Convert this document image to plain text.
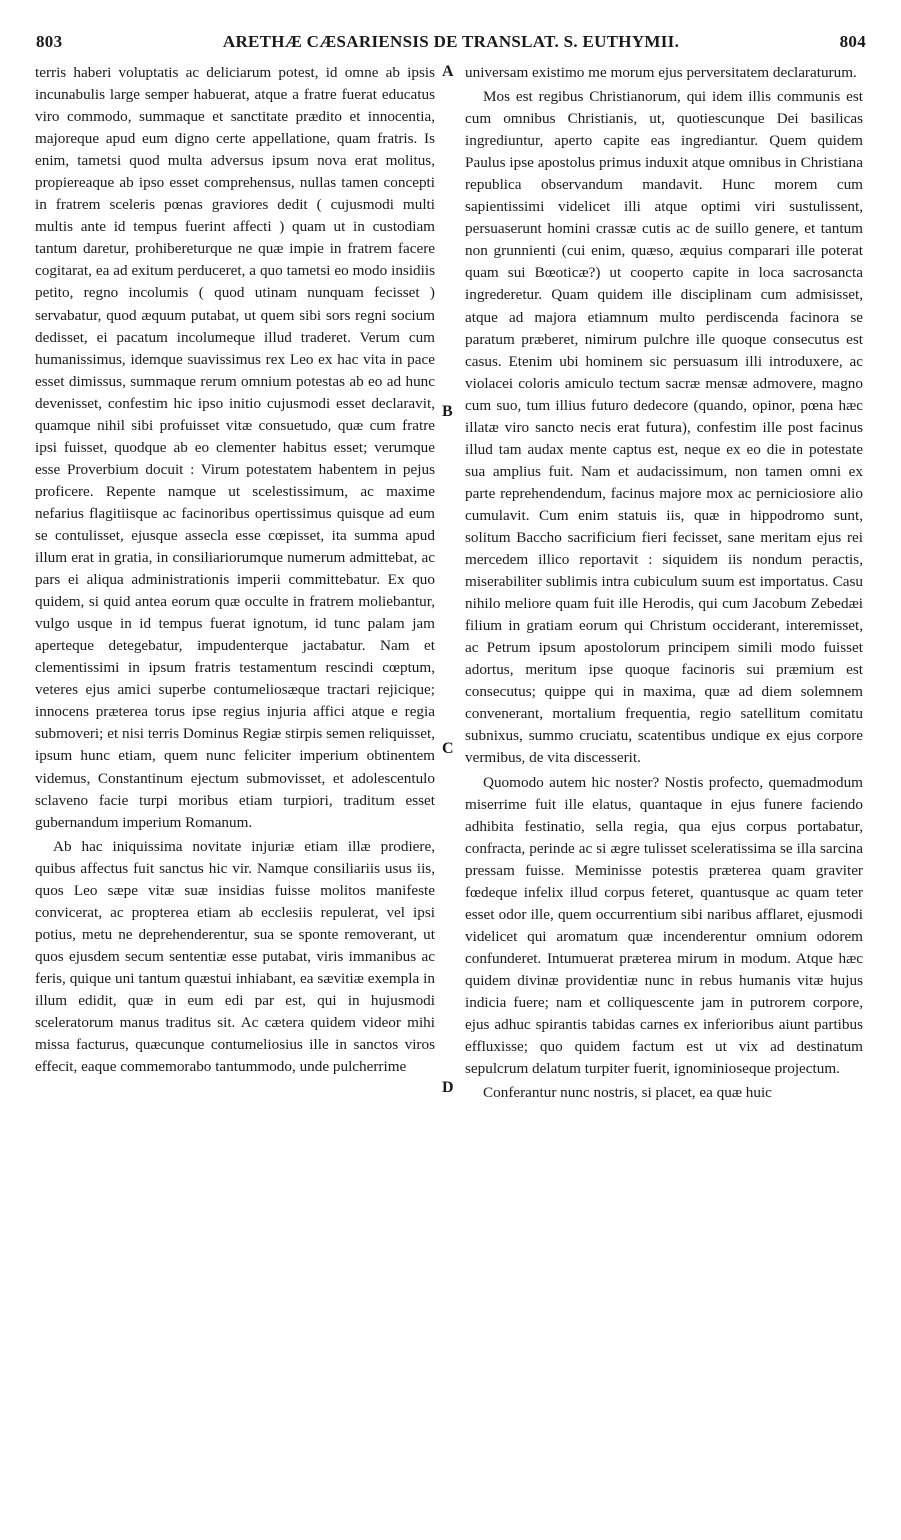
803	ARETHÆ CÆSARIENSIS DE TRANSLAT. S. EUTHYMII.	804

terris haberi voluptatis ac deliciarum potest, id omne ab ipsis incunabulis large semper habuerat, atque a fratre fuerat educatus viro commodo, summaque et sanctitate prædito et innocentia, majoreque apud eum digno certe appellatione, quam fratris. Is enim, tametsi quod multa adversus ipsum nova erat molitus, propiereaque ab ipso esset comprehensus, nullas tamen concepti in fratrem sceleris pœnas graviores dedit ( cujusmodi multi multis ante id tempus fuerint affecti ) quam ut in custodiam tantum daretur, prohibereturque ne quæ impie in fratrem facere cogitarat, ea ad exitum perduceret, a quo tametsi eo modo insidiis petito, regno incolumis ( quod utinam nunquam fecisset ) servabatur, quod æquum putabat, ut quem sibi sors regni socium dedisset, ei pacatum incolumeque illud traderet. Verum cum humanissimus, idemque suavissimus rex Leo ex hac vita in pace esset dimissus, summaque rerum omnium potestas ab eo ad hunc devenisset, confestim hic ipso initio cujusmodi esset declaravit, quamque nihil sibi profuisset vitæ consuetudo, quæ cum fratre ipsi fuisset, quodque ab eo clementer habitus esset; verumque esse Proverbium docuit : Virum potestatem habentem in pejus proficere. Repente namque ut scelestissimum, ac maxime nefarius flagitiisque ac facinoribus opertissimus quisque ad eum se contulisset, ejusque assecla esse cœpisset, ita summa apud illum erat in gratia, in consiliariorumque numerum admittebat, ac pars ei aliqua administrationis imperii committebatur. Ex quo quidem, si quid antea eorum quæ occulte in fratrem moliebantur, vulgo usque in id tempus fuerat ignotum, id tunc palam jam aperteque detegebatur, impudenterque jactabatur. Nam et clementissimi in ipsum fratris testamentum rescindi cœptum, veteres ejus amici superbe contumeliosæque tractari rejicique; innocens præterea torus ipse regius injuria affici atque e regia submoveri; et nisi terris Dominus Regiæ stirpis semen reliquisset, ipsum hunc etiam, quem nunc feliciter imperium obtinentem videmus, Constantinum ejectum submovisset, et adolescentulo sclaveno facie turpi moribus etiam turpiori, traditum esset gubernandum imperium Romanum.

Ab hac iniquissima novitate injuriæ etiam illæ prodiere, quibus affectus fuit sanctus hic vir. Namque consiliariis usus iis, quos Leo sæpe vitæ suæ insidias fuisse molitos manifeste convicerat, ac propterea etiam ab ecclesiis repulerat, vel ipsi potius, metu ne deprehenderentur, sua se sponte removerant, ut quos ejusdem secum sententiæ esse putabat, viris immanibus ac feris, quique uni tantum quæstui inhiabant, ea sævitiæ exempla in illum edidit, quæ in eum edi par est, qui in hujusmodi sceleratorum manus traditus sit. Ac cætera quidem videor mihi missa facturus, quæcunque contumeliosius ille in sanctos viros effecit, eaque commemorabo tantummodo, unde pulcherrime

universam existimo me morum ejus perversitatem declaraturum.

Mos est regibus Christianorum, qui idem illis communis est cum omnibus Christianis, ut, quotiescunque Dei basilicas ingrediuntur, aperto capite eas ingrediantur. Quem quidem Paulus ipse apostolus primus induxit atque omnibus in Christiana republica observandum mandavit. Hunc morem cum sapientissimi videlicet illi atque optimi viri sustulissent, persuaserunt homini crassæ cutis ac de suillo genere, et tantum non grunnienti (cui enim, quæso, æquius comparari ille poterat quam sui Bœoticæ?) ut cooperto capite in loca sacrosancta ingrederetur. Quam quidem ille disciplinam cum admisisset, atque ad majora etiamnum multo perdiscenda facinora se paratum præberet, nimirum pulchre ille quoque consecutus est casus. Etenim ubi hominem sic persuasum illi introduxere, ac violacei coloris amiculo tectum sacræ mensæ admovere, magno cum suo, tum illius futuro dedecore (quando, opinor, pœna hæc illatæ viro sancto necis erat futura), confestim ille post facinus illud tam audax mente captus est, neque ex eo die in potestate sua amplius fuit. Nam et audacissimum, non tamen omni ex parte reprehendendum, facinus majore mox ac perniciosiore alio cumulavit. Cum enim statuis iis, quæ in hippodromo sunt, solitum Baccho sacrificium fieri fecisset, sane meritam ejus rei mercedem illico reportavit : siquidem iis nondum peractis, miserabiliter sublimis intra cubiculum suum est importatus. Casu nihilo meliore quam fuit ille Herodis, qui cum Jacobum Zebedæi filium in gratiam eorum qui Christum occiderant, interemisset, ac Petrum ipsum apostolorum principem simili modo fuisset adortus, meritum ipse quoque facinoris sui præmium est consecutus; quippe qui in maxima, quæ ad diem solemnem convenerant, mortalium frequentia, regio satellitum comitatu subnixus, summo cruciatu, scatentibus undique ex ejus corpore vermibus, de vita discesserit.

Quomodo autem hic noster? Nostis profecto, quemadmodum miserrime fuit ille elatus, quantaque in ejus funere faciendo adhibita festinatio, sella regia, qua ejus corpus portabatur, confracta, perinde ac si ægre tulisset sceleratissima se illa sarcina pressam fuisse. Meminisse potestis præterea quam graviter fœdeque infelix illud corpus feteret, quantusque ac quam teter esset odor ille, quem occurrentium sibi naribus afflaret, ejusmodi videlicet qui aromatum quæ incenderentur omnium odorem confunderet. Intumuerat præterea mirum in modum. Atque hæc quidem divinæ providentiæ nunc in rebus humanis vitæ hujus indicia fuere; nam et colliquescente jam in putrorem corpore, ejus adhuc spirantis tabidas carnes ex inferioribus aiunt partibus effluxisse; quo quidem factum est ut vix ad destinatum sepulcrum delatum turpiter fuerit, ignominioseque projectum.

Conferantur nunc nostris, si placet, ea quæ huic

A
B
C
D
